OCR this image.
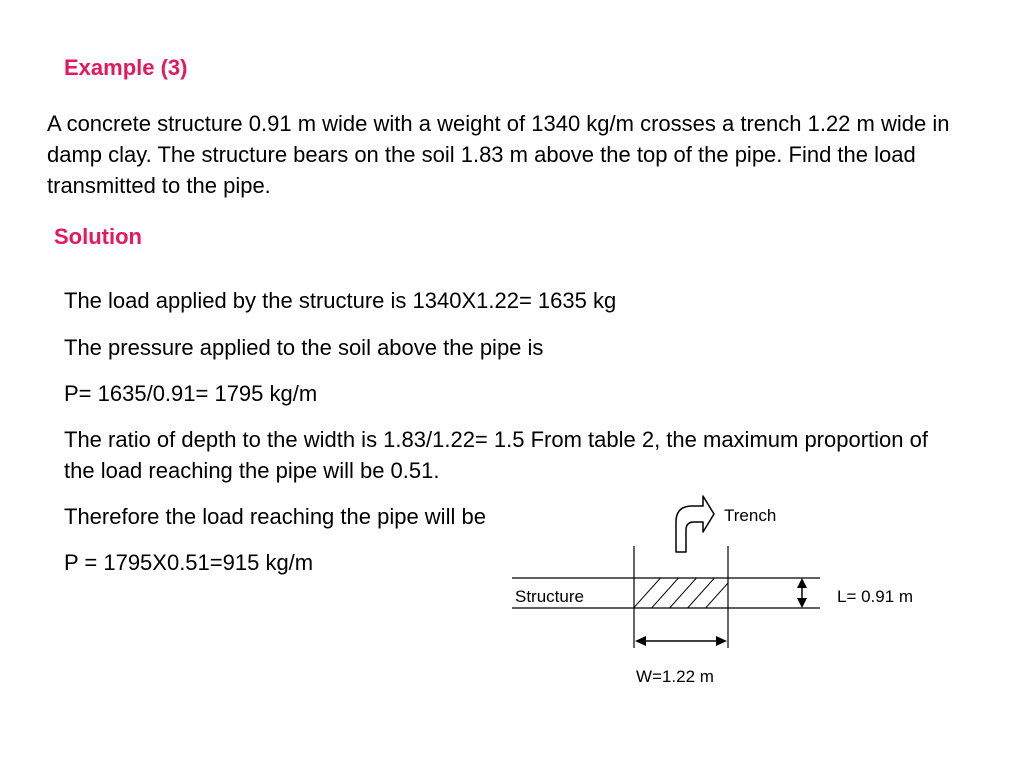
Example (3)

A concrete structure 0.91 m wide with a weight of 1340 kg/m crosses a trench 1.22 m wide in damp clay. The structure bears on the soil 1.83 m above the top of the pipe. Find the load transmitted to the pipe.

Solution

The load applied by the structure is 1340X1.22= 1635 kg

The pressure applied to the soil above the pipe is

P= 1635/0.91= 1795 kg/m

The ratio of depth to the width is 1.83/1.22= 1.5 From table 2, the maximum proportion of the load reaching the pipe will be 0.51.

Therefore the load reaching the pipe will be

P = 1795X0.51=915 kg/m

Trench
Structure	L= 0.91 m
W=1.22 m
